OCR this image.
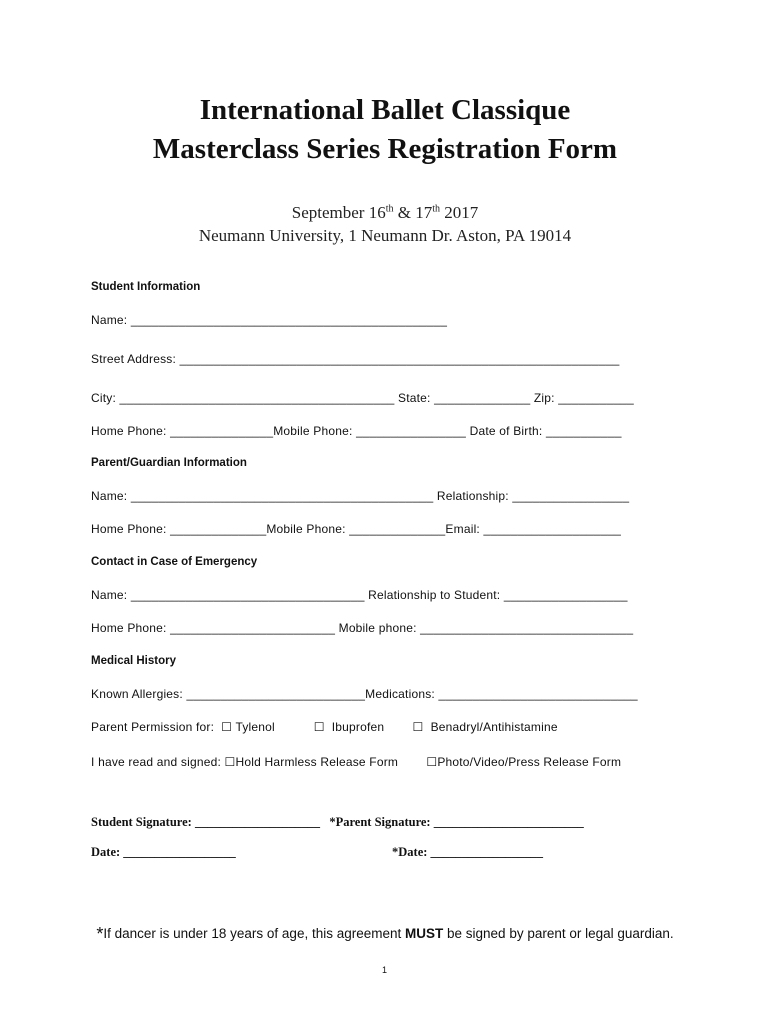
International Ballet Classique
Masterclass Series Registration Form
September 16th & 17th 2017
Neumann University, 1 Neumann Dr. Aston, PA 19014
Student Information
Name: ______________________________________________
Street Address: ________________________________________________________________
City: ________________________________________ State: ______________ Zip: ___________
Home Phone: _______________Mobile Phone: ________________ Date of Birth: ___________
Parent/Guardian Information
Name: ____________________________________________ Relationship: _________________
Home Phone: ______________Mobile Phone: ______________Email: ____________________
Contact in Case of Emergency
Name: __________________________________ Relationship to Student: __________________
Home Phone: ________________________ Mobile phone: _______________________________
Medical History
Known Allergies: __________________________Medications: _____________________________
Parent Permission for:  ☐ Tylenol           ☐  Ibuprofen        ☐  Benadryl/Antihistamine
I have read and signed: ☐Hold Harmless Release Form        ☐Photo/Video/Press Release Form
Student Signature: ____________________   *Parent Signature: ________________________
Date: __________________                                                  *Date: __________________
*If dancer is under 18 years of age, this agreement MUST be signed by parent or legal guardian.
1
